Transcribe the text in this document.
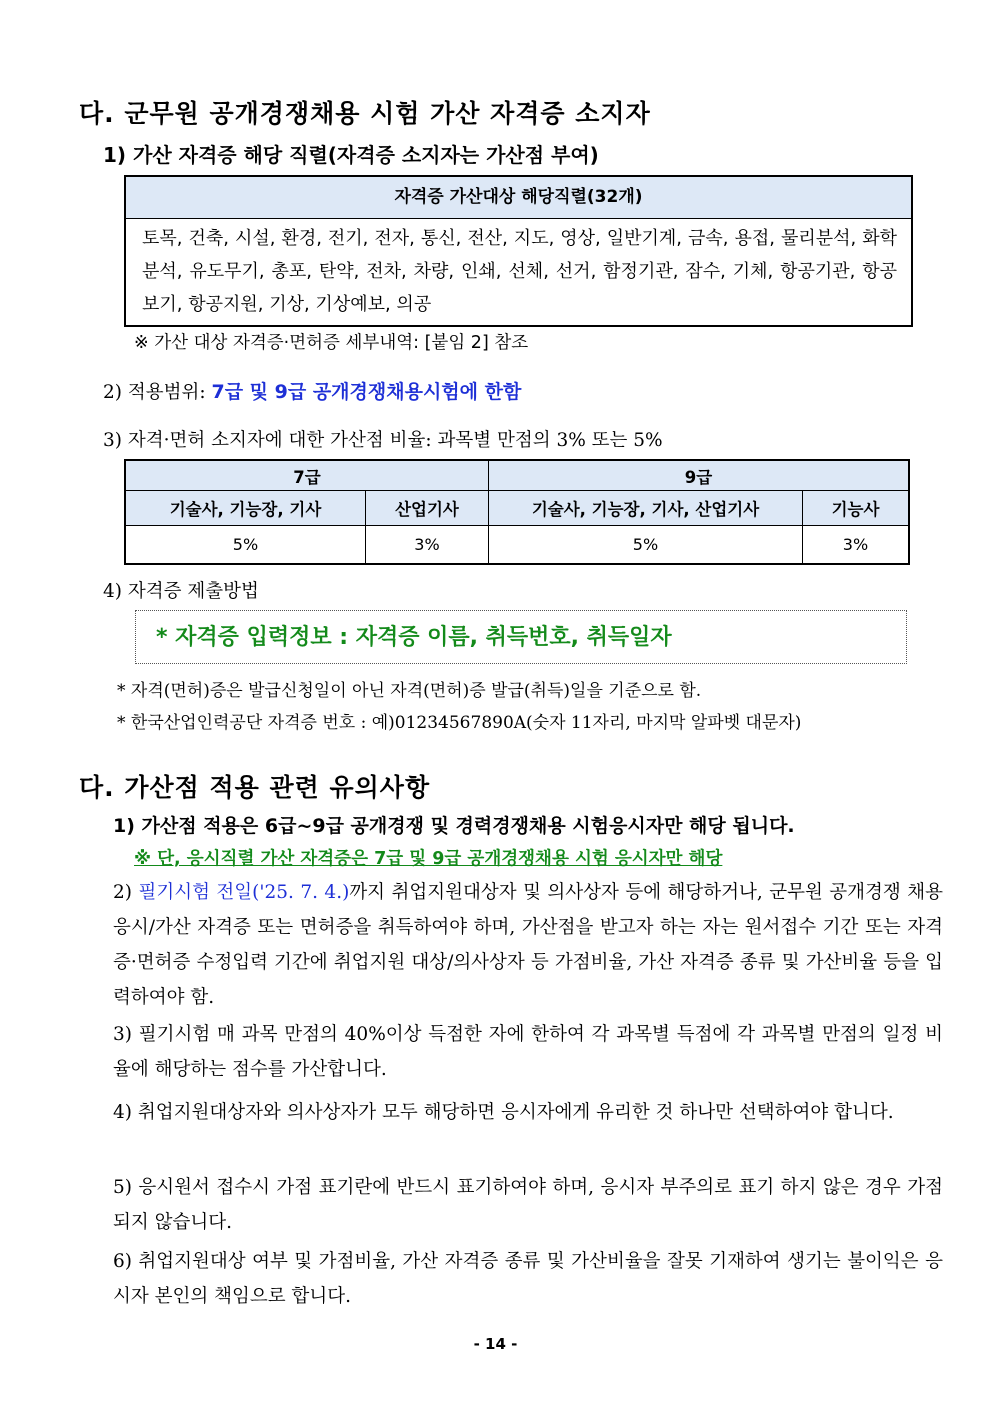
다. 군무원 공개경쟁채용 시험 가산 자격증 소지자
1) 가산 자격증 해당 직렬(자격증 소지자는 가산점 부여)
자격증 가산대상 해당직렬(32개)
토목, 건축, 시설, 환경, 전기, 전자, 통신, 전산, 지도, 영상, 일반기계, 금속, 용접, 물리분석, 화학분석, 유도무기, 총포, 탄약, 전차, 차량, 인쇄, 선체, 선거, 함정기관, 잠수, 기체, 항공기관, 항공보기, 항공지원, 기상, 기상예보, 의공
※ 가산 대상 자격증·면허증 세부내역: [붙임 2] 참조
2) 적용범위: 7급 및 9급 공개경쟁채용시험에 한함
3) 자격·면허 소지자에 대한 가산점 비율: 과목별 만점의 3% 또는 5%
7급		9급	
기술사, 기능장, 기사	산업기사	기술사, 기능장, 기사, 산업기사	기능사
5%	3%	5%	3%
4) 자격증 제출방법
* 자격증 입력정보 : 자격증 이름, 취득번호, 취득일자
* 자격(면허)증은 발급신청일이 아닌 자격(면허)증 발급(취득)일을 기준으로 함.
* 한국산업인력공단 자격증 번호 : 예)01234567890A(숫자 11자리, 마지막 알파벳 대문자)
다. 가산점 적용 관련 유의사항
1) 가산점 적용은 6급~9급 공개경쟁 및 경력경쟁채용 시험응시자만 해당 됩니다.
※ 단, 응시직렬 가산 자격증은 7급 및 9급 공개경쟁채용 시험 응시자만 해당
2) 필기시험 전일('25. 7. 4.)까지 취업지원대상자 및 의사상자 등에 해당하거나, 군무원 공개경쟁 채용 응시/가산 자격증 또는 면허증을 취득하여야 하며, 가산점을 받고자 하는 자는 원서접수 기간 또는 자격증·면허증 수정입력 기간에 취업지원 대상/의사상자 등 가점비율, 가산 자격증 종류 및 가산비율 등을 입력하여야 함.
3) 필기시험 매 과목 만점의 40%이상 득점한 자에 한하여 각 과목별 득점에 각 과목별 만점의 일정 비율에 해당하는 점수를 가산합니다.
4) 취업지원대상자와 의사상자가 모두 해당하면 응시자에게 유리한 것 하나만 선택하여야 합니다.
5) 응시원서 접수시 가점 표기란에 반드시 표기하여야 하며, 응시자 부주의로 표기 하지 않은 경우 가점되지 않습니다.
6) 취업지원대상 여부 및 가점비율, 가산 자격증 종류 및 가산비율을 잘못 기재하여 생기는 불이익은 응시자 본인의 책임으로 합니다.
- 14 -
